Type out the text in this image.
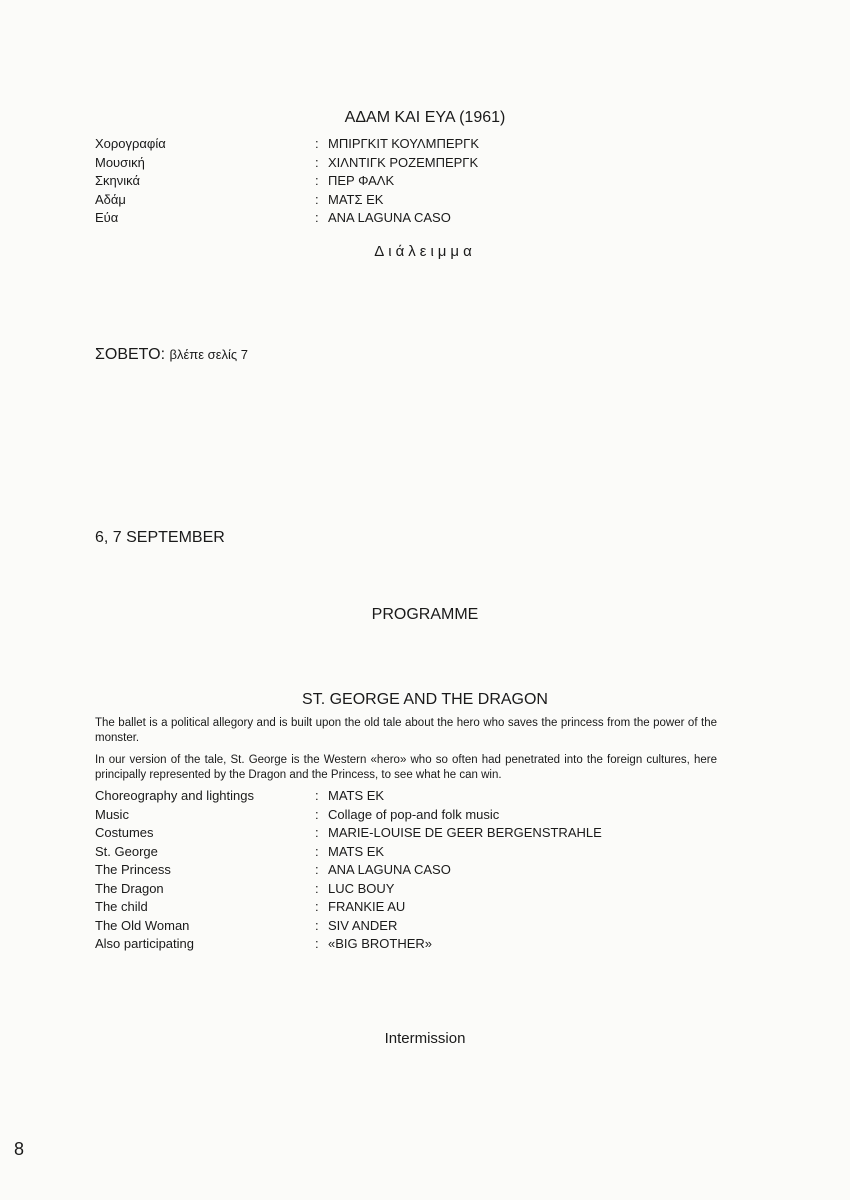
ΑΔΑΜ ΚΑΙ ΕΥΑ (1961)
Χορογραφία	: ΜΠΙΡΓΚΙΤ ΚΟΥΛΜΠΕΡΓΚ
Μουσική	: ΧΙΛΝΤΙΓΚ ΡΟΖΕΜΠΕΡΓΚ
Σκηνικά	: ΠΕΡ ΦΑΛΚ
Αδάμ	: ΜΑΤΣ ΕΚ
Εύα	: ANA LAGUNA CASO
Διάλειμμα
ΣΟΒΕΤΟ: βλέπε σελίς 7
6, 7 SEPTEMBER
PROGRAMME
ST. GEORGE AND THE DRAGON
The ballet is a political allegory and is built upon the old tale about the hero who saves the princess from the power of the monster.
In our version of the tale, St. George is the Western «hero» who so often had penetrated into the foreign cultures, here principally represented by the Dragon and the Princess, to see what he can win.
Choreography and lightings	: MATS EK
Music	: Collage of pop-and folk music
Costumes	: MARIE-LOUISE DE GEER BERGENSTRAHLE
St. George	: MATS EK
The Princess	: ANA LAGUNA CASO
The Dragon	: LUC BOUY
The child	: FRANKIE AU
The Old Woman	: SIV ANDER
Also participating	: «BIG BROTHER»
Intermission
8
